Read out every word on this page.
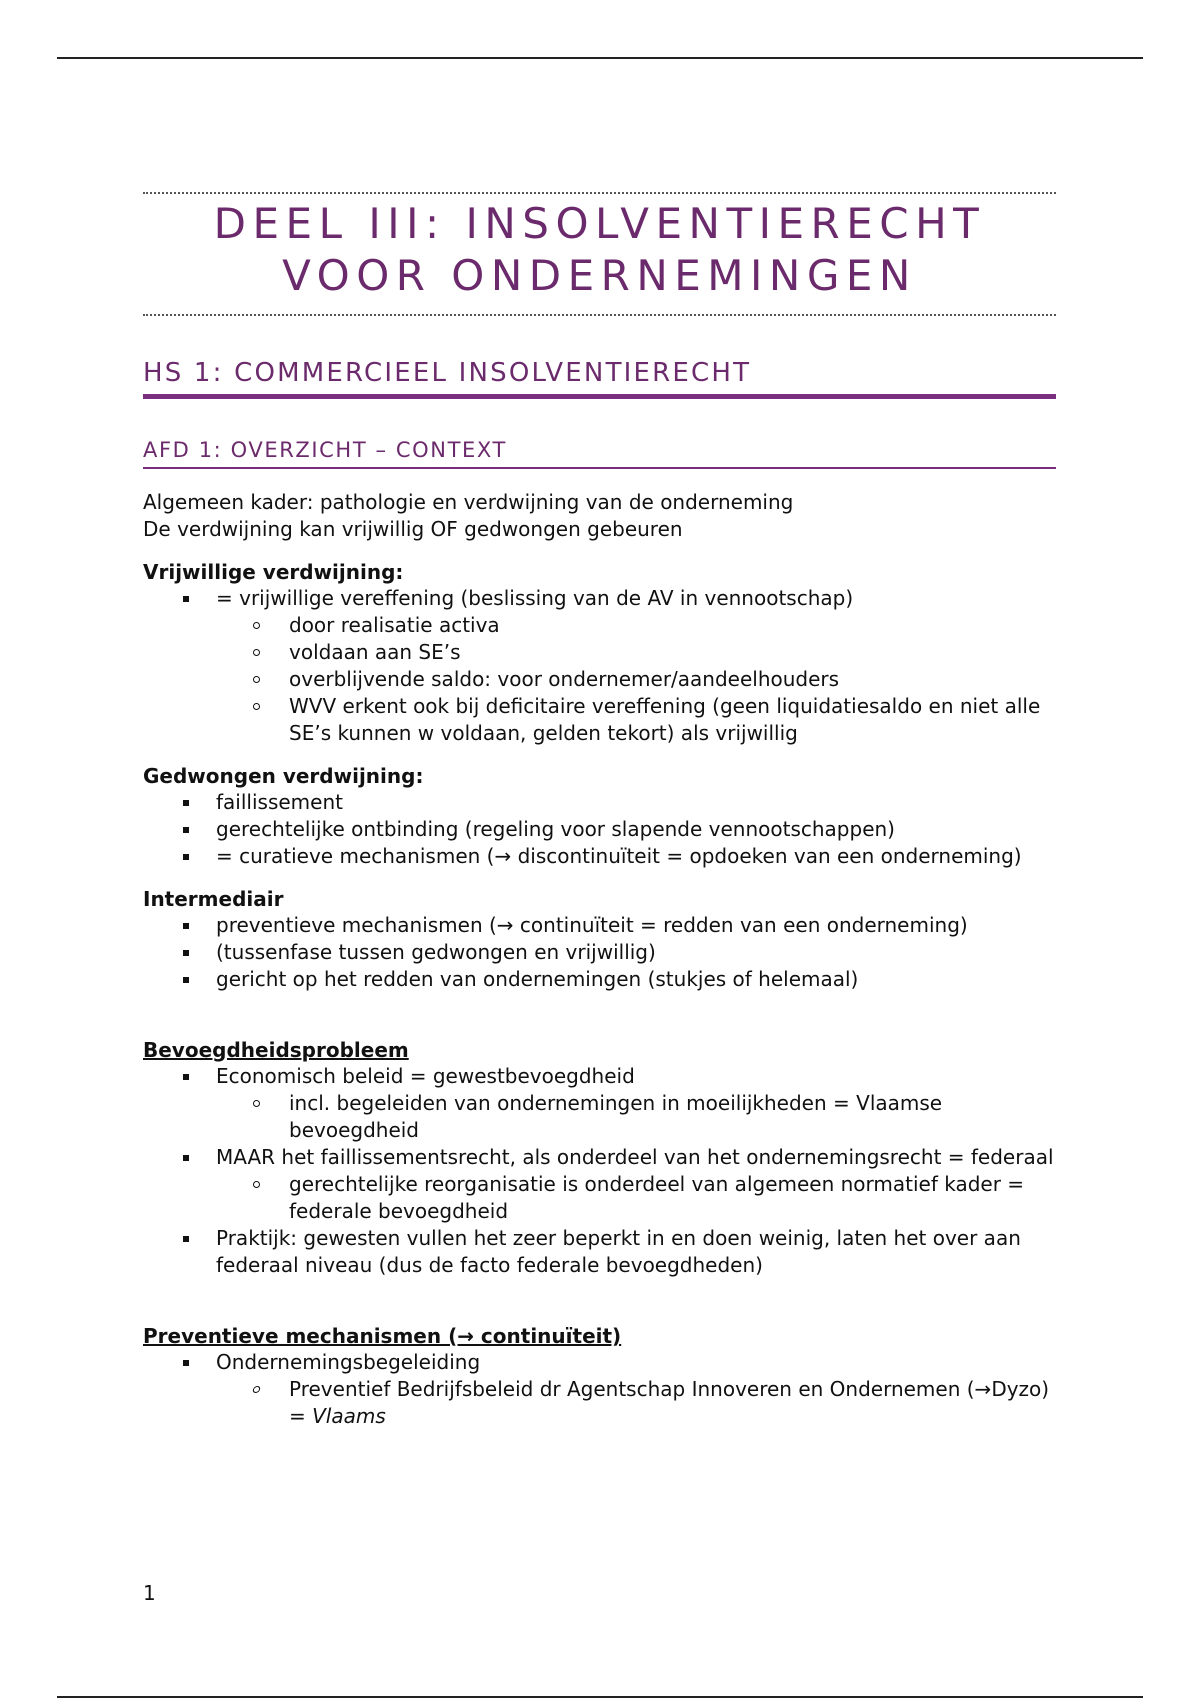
DEEL III: INSOLVENTIERECHT
VOOR ONDERNEMINGEN
HS 1: COMMERCIEEL INSOLVENTIERECHT
AFD 1: OVERZICHT – CONTEXT

Algemeen kader: pathologie en verdwijning van de onderneming
De verdwijning kan vrijwillig OF gedwongen gebeuren

Vrijwillige verdwijning:
= vrijwillige vereffening (beslissing van de AV in vennootschap)
door realisatie activa
voldaan aan SE’s
overblijvende saldo: voor ondernemer/aandeelhouders
WVV erkent ook bij deficitaire vereffening (geen liquidatiesaldo en niet alle SE’s kunnen w voldaan, gelden tekort) als vrijwillig
Gedwongen verdwijning:
faillissement
gerechtelijke ontbinding (regeling voor slapende vennootschappen)
= curatieve mechanismen (→ discontinuïteit = opdoeken van een onderneming)
Intermediair
preventieve mechanismen (→ continuïteit = redden van een onderneming)
(tussenfase tussen gedwongen en vrijwillig)
gericht op het redden van ondernemingen (stukjes of helemaal)
Bevoegdheidsprobleem
Economisch beleid = gewestbevoegdheid
incl. begeleiden van ondernemingen in moeilijkheden = Vlaamse bevoegdheid
MAAR het faillissementsrecht, als onderdeel van het ondernemingsrecht = federaal
gerechtelijke reorganisatie is onderdeel van algemeen normatief kader = federale bevoegdheid
Praktijk: gewesten vullen het zeer beperkt in en doen weinig, laten het over aan federaal niveau (dus de facto federale bevoegdheden)
Preventieve mechanismen (→ continuïteit)
Ondernemingsbegeleiding
Preventief Bedrijfsbeleid dr Agentschap Innoveren en Ondernemen (→Dyzo) = Vlaams
1
